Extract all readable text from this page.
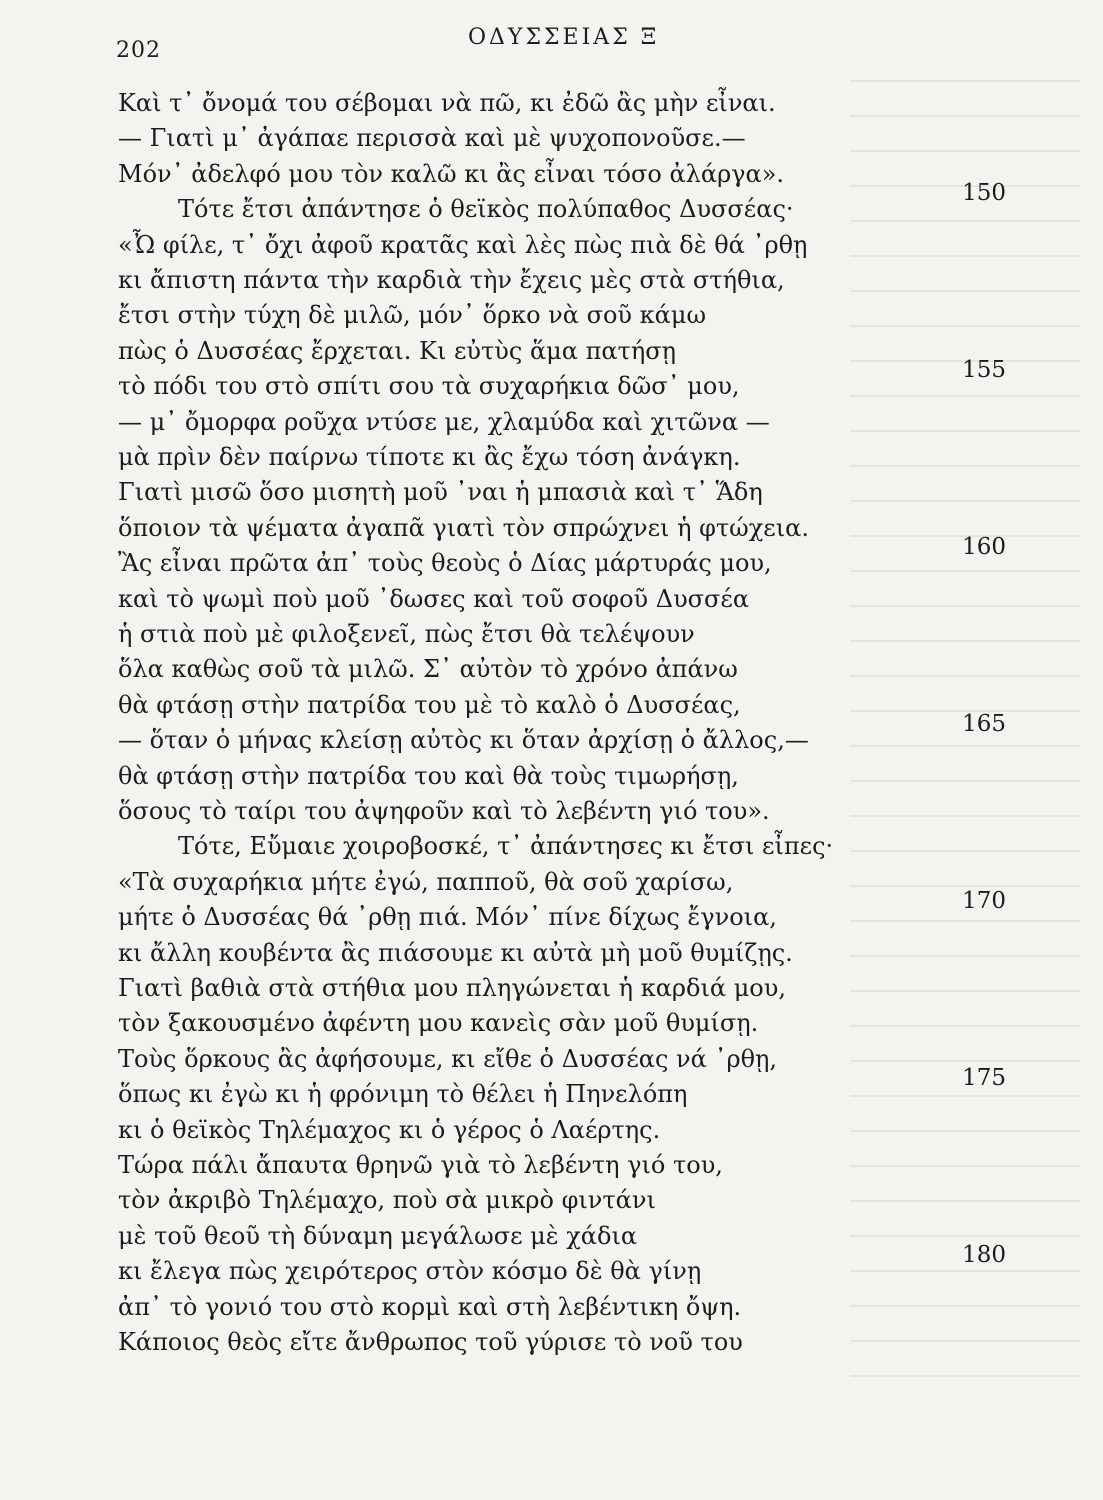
202
ΟΔΥΣΣΕΙΑΣ Ξ
Καὶ τ᾽ ὄνομά του σέβομαι νὰ πῶ, κι ἐδῶ ἂς μὴν εἶναι.
— Γιατὶ μ᾽ ἀγάπαε περισσὰ καὶ μὲ ψυχοπονοῦσε.—
Μόν᾽ ἀδελφό μου τὸν καλῶ κι ἂς εἶναι τόσο ἀλάργα».
Τότε ἔτσι ἀπάντησε ὁ θεϊκὸς πολύπαθος Δυσσέας·
150
«Ὦ φίλε, τ᾽ ὄχι ἀφοῦ κρατᾶς καὶ λὲς πὼς πιὰ δὲ θά ᾽ρθῃ
κι ἄπιστη πάντα τὴν καρδιὰ τὴν ἔχεις μὲς στὰ στήθια,
ἔτσι στὴν τύχη δὲ μιλῶ, μόν᾽ ὅρκο νὰ σοῦ κάμω
πὼς ὁ Δυσσέας ἔρχεται. Κι εὐτὺς ἅμα πατήσῃ
τὸ πόδι του στὸ σπίτι σου τὰ συχαρήκια δῶσ᾽ μου,
155
— μ᾽ ὄμορφα ροῦχα ντύσε με, χλαμύδα καὶ χιτῶνα —
μὰ πρὶν δὲν παίρνω τίποτε κι ἂς ἔχω τόση ἀνάγκη.
Γιατὶ μισῶ ὅσο μισητὴ μοῦ ᾽ναι ἡ μπασιὰ καὶ τ᾽ Ἅδη
ὅποιον τὰ ψέματα ἀγαπᾶ γιατὶ τὸν σπρώχνει ἡ φτώχεια.
Ἂς εἶναι πρῶτα ἀπ᾽ τοὺς θεοὺς ὁ Δίας μάρτυράς μου,
160
καὶ τὸ ψωμὶ ποὺ μοῦ ᾽δωσες καὶ τοῦ σοφοῦ Δυσσέα
ἡ στιὰ ποὺ μὲ φιλοξενεῖ, πὼς ἔτσι θὰ τελέψουν
ὅλα καθὼς σοῦ τὰ μιλῶ. Σ᾽ αὐτὸν τὸ χρόνο ἀπάνω
θὰ φτάσῃ στὴν πατρίδα του μὲ τὸ καλὸ ὁ Δυσσέας,
— ὅταν ὁ μήνας κλείσῃ αὐτὸς κι ὅταν ἀρχίσῃ ὁ ἄλλος,—
165
θὰ φτάσῃ στὴν πατρίδα του καὶ θὰ τοὺς τιμωρήσῃ,
ὅσους τὸ ταίρι του ἀψηφοῦν καὶ τὸ λεβέντη γιό του».
Τότε, Εὔμαιε χοιροβοσκέ, τ᾽ ἀπάντησες κι ἔτσι εἶπες·
«Τὰ συχαρήκια μήτε ἐγώ, παπποῦ, θὰ σοῦ χαρίσω,
μήτε ὁ Δυσσέας θά ᾽ρθῃ πιά. Μόν᾽ πίνε δίχως ἔγνοια,
170
κι ἄλλη κουβέντα ἂς πιάσουμε κι αὐτὰ μὴ μοῦ θυμίζῃς.
Γιατὶ βαθιὰ στὰ στήθια μου πληγώνεται ἡ καρδιά μου,
τὸν ξακουσμένο ἀφέντη μου κανεὶς σὰν μοῦ θυμίσῃ.
Τοὺς ὅρκους ἂς ἀφήσουμε, κι εἴθε ὁ Δυσσέας νά ᾽ρθῃ,
ὅπως κι ἐγὼ κι ἡ φρόνιμη τὸ θέλει ἡ Πηνελόπη
175
κι ὁ θεϊκὸς Τηλέμαχος κι ὁ γέρος ὁ Λαέρτης.
Τώρα πάλι ἄπαυτα θρηνῶ γιὰ τὸ λεβέντη γιό του,
τὸν ἀκριβὸ Τηλέμαχο, ποὺ σὰ μικρὸ φιντάνι
μὲ τοῦ θεοῦ τὴ δύναμη μεγάλωσε μὲ χάδια
κι ἔλεγα πὼς χειρότερος στὸν κόσμο δὲ θὰ γίνῃ
180
ἀπ᾽ τὸ γονιό του στὸ κορμὶ καὶ στὴ λεβέντικη ὄψη.
Κάποιος θεὸς εἴτε ἄνθρωπος τοῦ γύρισε τὸ νοῦ του
